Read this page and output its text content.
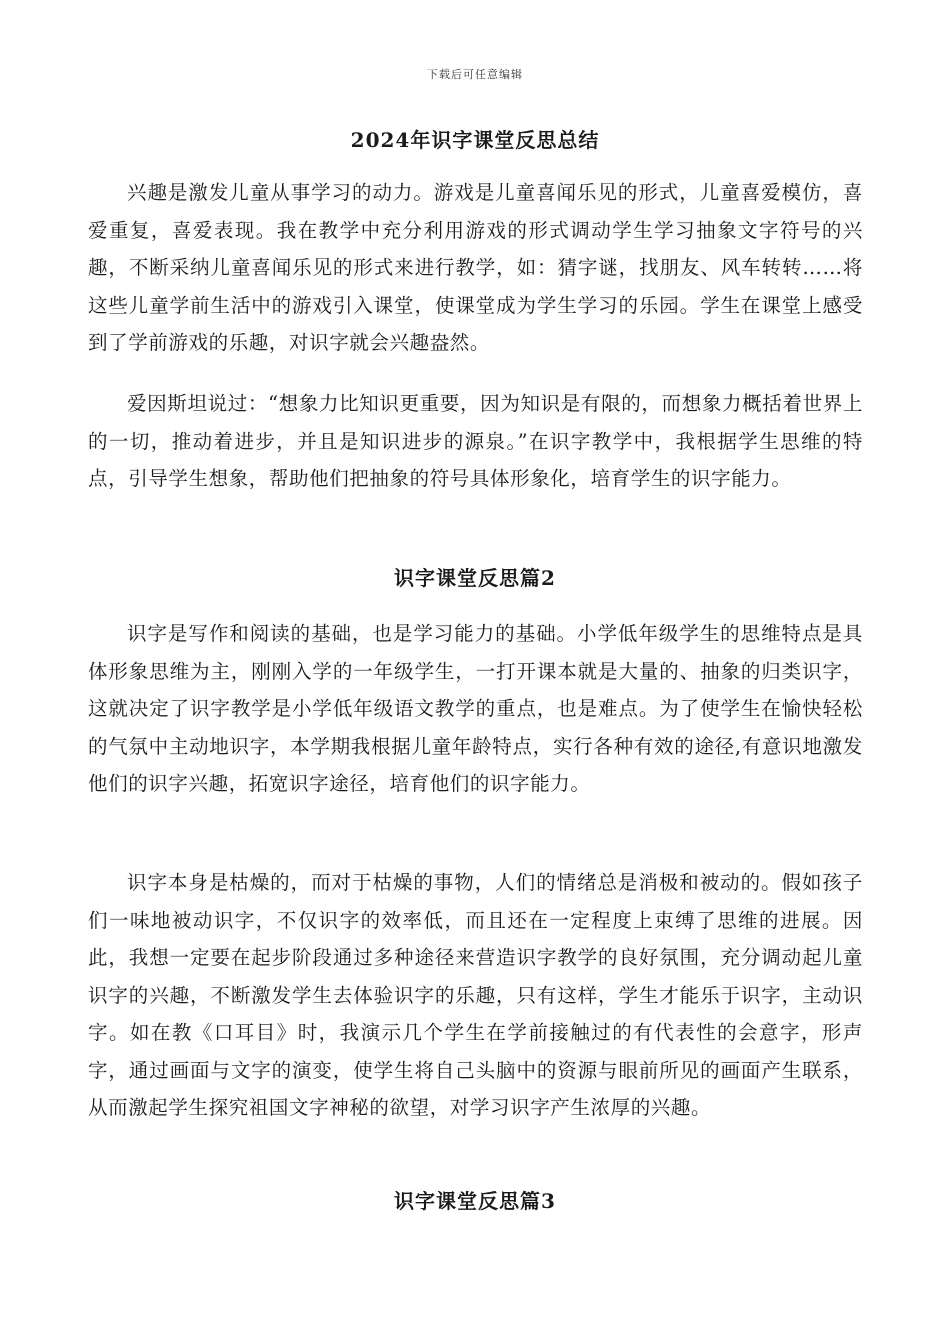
下载后可任意编辑
2024年识字课堂反思总结
兴趣是激发儿童从事学习的动力。游戏是儿童喜闻乐见的形式，儿童喜爱模仿，喜爱重复，喜爱表现。我在教学中充分利用游戏的形式调动学生学习抽象文字符号的兴趣，不断采纳儿童喜闻乐见的形式来进行教学，如：猜字谜，找朋友、风车转转……将这些儿童学前生活中的游戏引入课堂，使课堂成为学生学习的乐园。学生在课堂上感受到了学前游戏的乐趣，对识字就会兴趣盎然。
爱因斯坦说过：“想象力比知识更重要，因为知识是有限的，而想象力概括着世界上的一切，推动着进步，并且是知识进步的源泉。”在识字教学中，我根据学生思维的特点，引导学生想象，帮助他们把抽象的符号具体形象化，培育学生的识字能力。
识字课堂反思篇2
识字是写作和阅读的基础，也是学习能力的基础。小学低年级学生的思维特点是具体形象思维为主，刚刚入学的一年级学生，一打开课本就是大量的、抽象的归类识字，这就决定了识字教学是小学低年级语文教学的重点，也是难点。为了使学生在愉快轻松的气氛中主动地识字，本学期我根据儿童年龄特点，实行各种有效的途径,有意识地激发他们的识字兴趣，拓宽识字途径，培育他们的识字能力。
识字本身是枯燥的，而对于枯燥的事物，人们的情绪总是消极和被动的。假如孩子们一味地被动识字，不仅识字的效率低，而且还在一定程度上束缚了思维的进展。因此，我想一定要在起步阶段通过多种途径来营造识字教学的良好氛围，充分调动起儿童识字的兴趣，不断激发学生去体验识字的乐趣，只有这样，学生才能乐于识字，主动识字。如在教《口耳目》时，我演示几个学生在学前接触过的有代表性的会意字，形声字，通过画面与文字的演变，使学生将自己头脑中的资源与眼前所见的画面产生联系，从而激起学生探究祖国文字神秘的欲望，对学习识字产生浓厚的兴趣。
识字课堂反思篇3
